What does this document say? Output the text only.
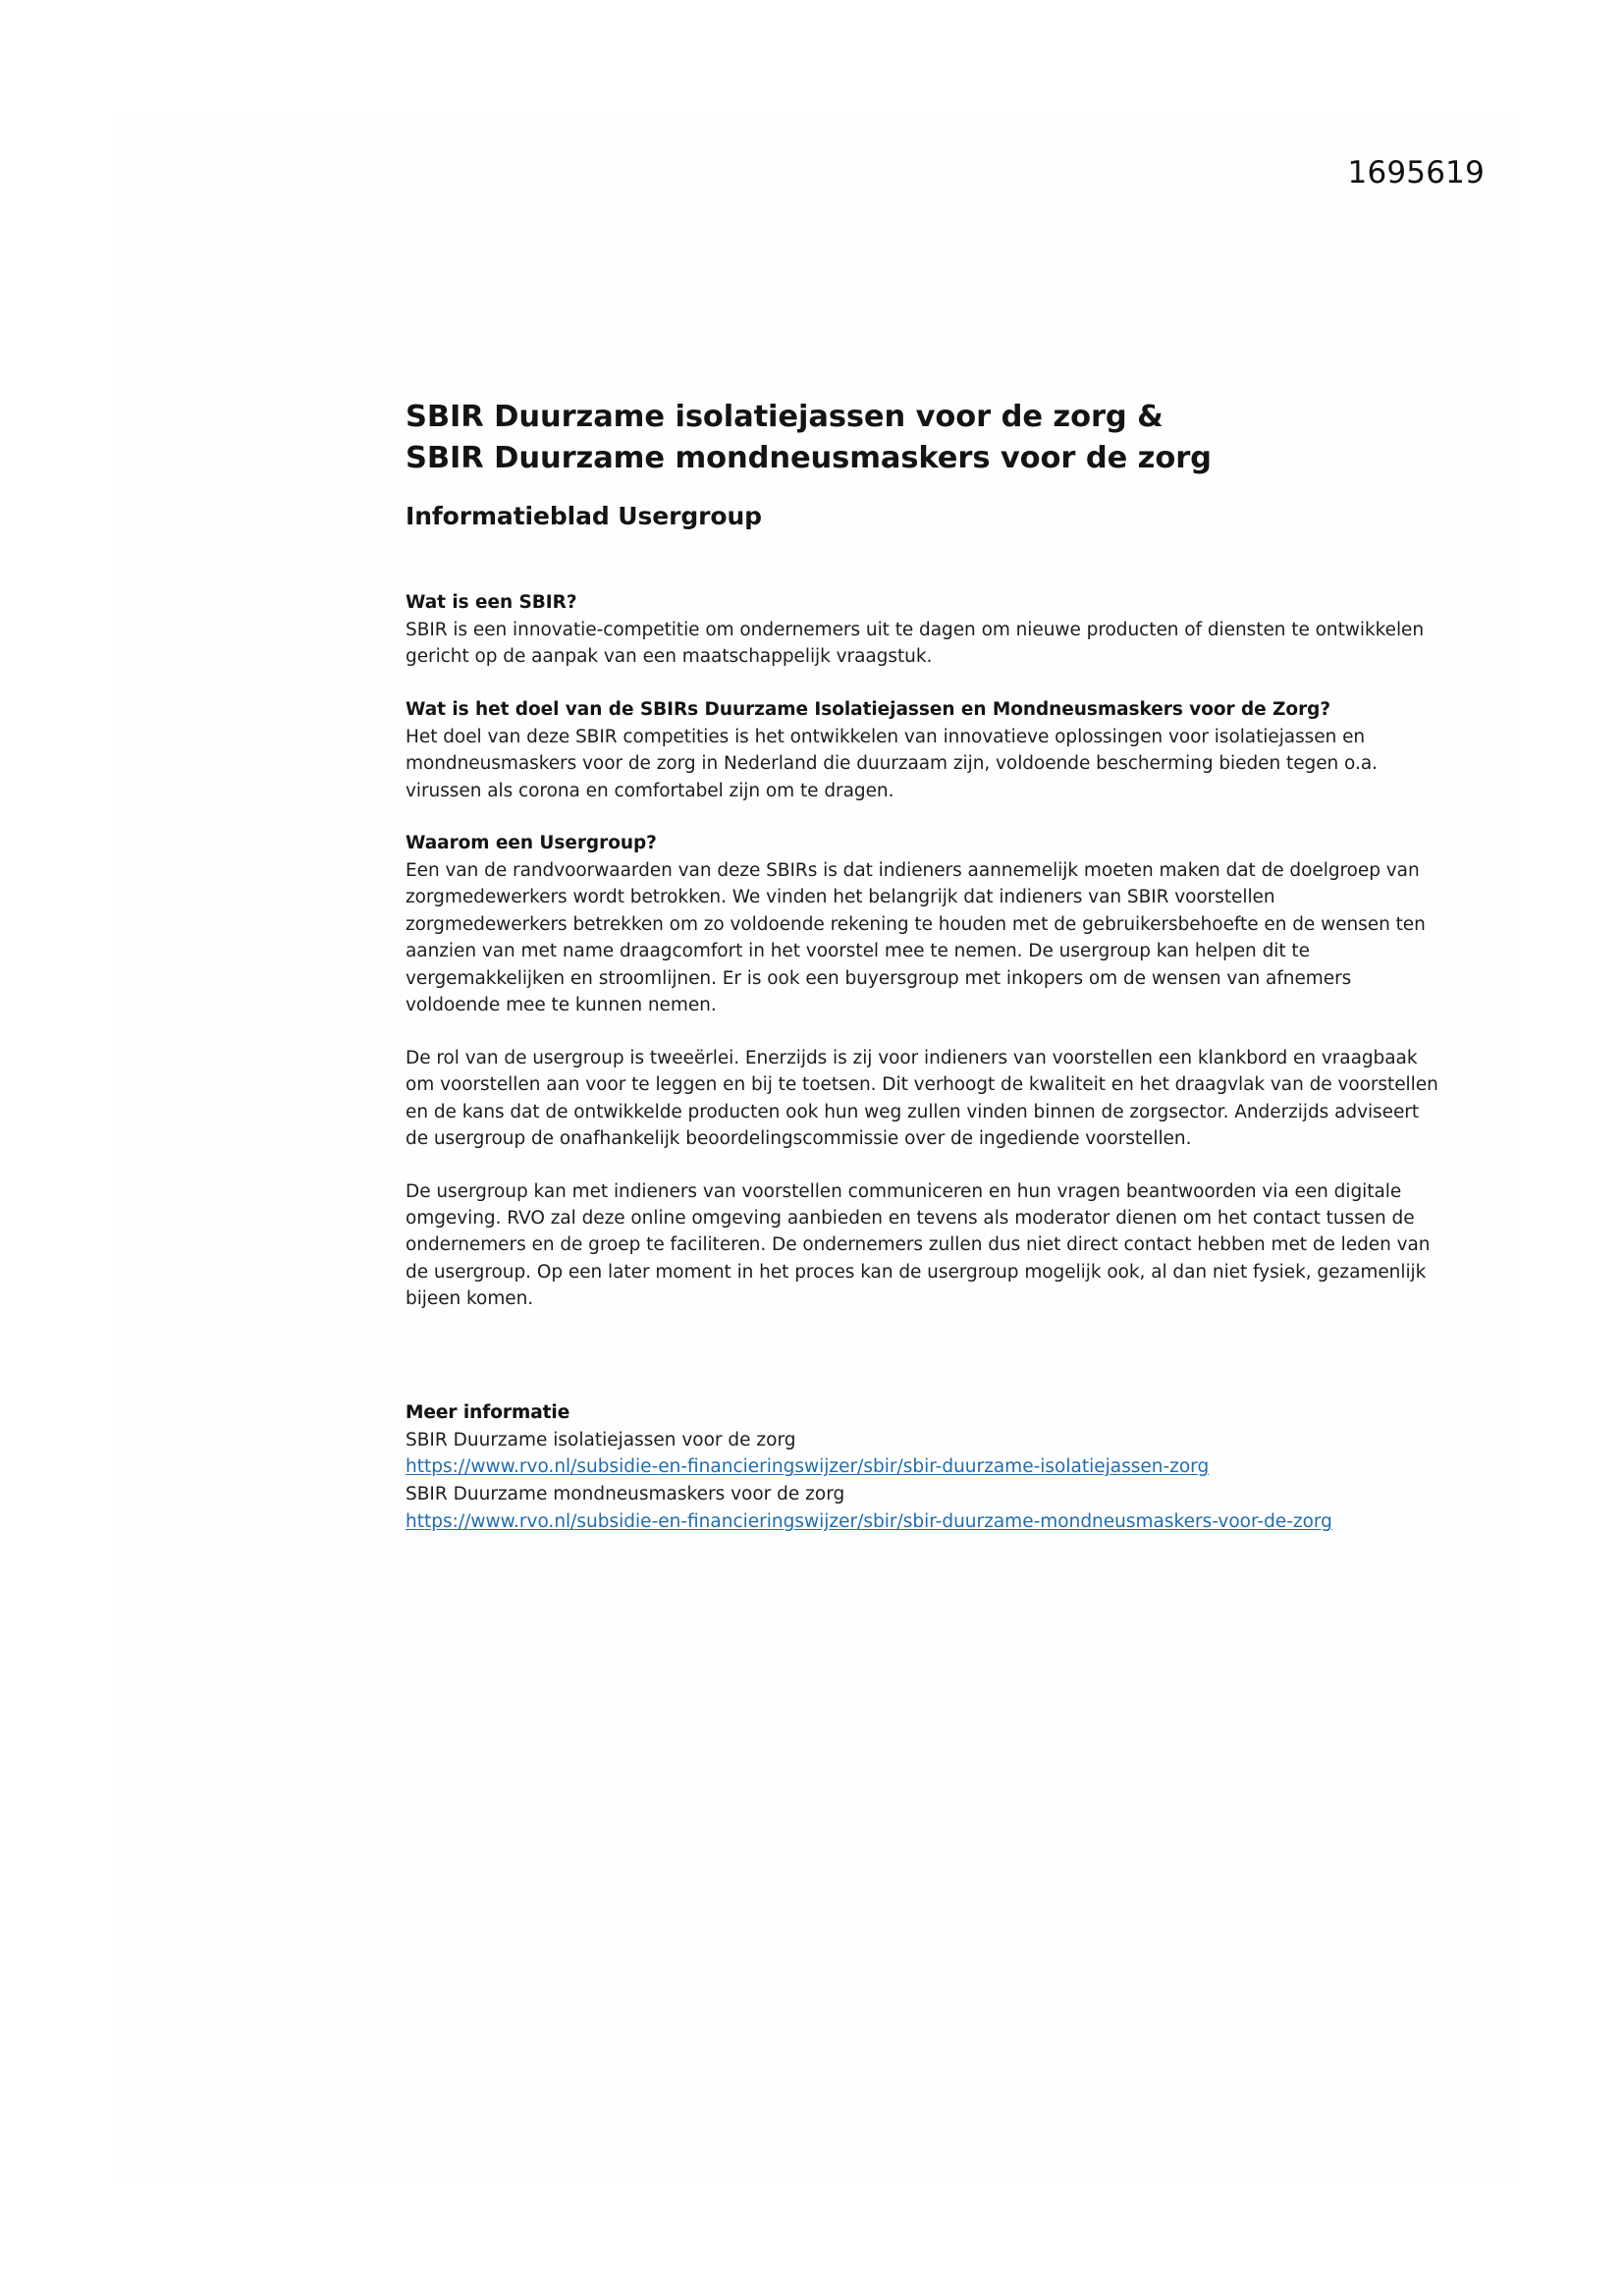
1695619
SBIR Duurzame isolatiejassen voor de zorg &
SBIR Duurzame mondneusmaskers voor de zorg
Informatieblad Usergroup

Wat is een SBIR?

SBIR is een innovatie-competitie om ondernemers uit te dagen om nieuwe producten of diensten te ontwikkelen gericht op de aanpak van een maatschappelijk vraagstuk.

Wat is het doel van de SBIRs Duurzame Isolatiejassen en Mondneusmaskers voor de Zorg?

Het doel van deze SBIR competities is het ontwikkelen van innovatieve oplossingen voor isolatiejassen en mondneusmaskers voor de zorg in Nederland die duurzaam zijn, voldoende bescherming bieden tegen o.a. virussen als corona en comfortabel zijn om te dragen.

Waarom een Usergroup?

Een van de randvoorwaarden van deze SBIRs is dat indieners aannemelijk moeten maken dat de doelgroep van zorgmedewerkers wordt betrokken. We vinden het belangrijk dat indieners van SBIR voorstellen zorgmedewerkers betrekken om zo voldoende rekening te houden met de gebruikersbehoefte en de wensen ten aanzien van met name draagcomfort in het voorstel mee te nemen. De usergroup kan helpen dit te vergemakkelijken en stroomlijnen. Er is ook een buyersgroup met inkopers om de wensen van afnemers voldoende mee te kunnen nemen.

De rol van de usergroup is tweeërlei. Enerzijds is zij voor indieners van voorstellen een klankbord en vraagbaak om voorstellen aan voor te leggen en bij te toetsen. Dit verhoogt de kwaliteit en het draagvlak van de voorstellen en de kans dat de ontwikkelde producten ook hun weg zullen vinden binnen de zorgsector. Anderzijds adviseert de usergroup de onafhankelijk beoordelingscommissie over de ingediende voorstellen.

De usergroup kan met indieners van voorstellen communiceren en hun vragen beantwoorden via een digitale omgeving. RVO zal deze online omgeving aanbieden en tevens als moderator dienen om het contact tussen de ondernemers en de groep te faciliteren. De ondernemers zullen dus niet direct contact hebben met de leden van de usergroup. Op een later moment in het proces kan de usergroup mogelijk ook, al dan niet fysiek, gezamenlijk bijeen komen.

Meer informatie

SBIR Duurzame isolatiejassen voor de zorg

https://www.rvo.nl/subsidie-en-financieringswijzer/sbir/sbir-duurzame-isolatiejassen-zorg

SBIR Duurzame mondneusmaskers voor de zorg

https://www.rvo.nl/subsidie-en-financieringswijzer/sbir/sbir-duurzame-mondneusmaskers-voor-de-zorg
